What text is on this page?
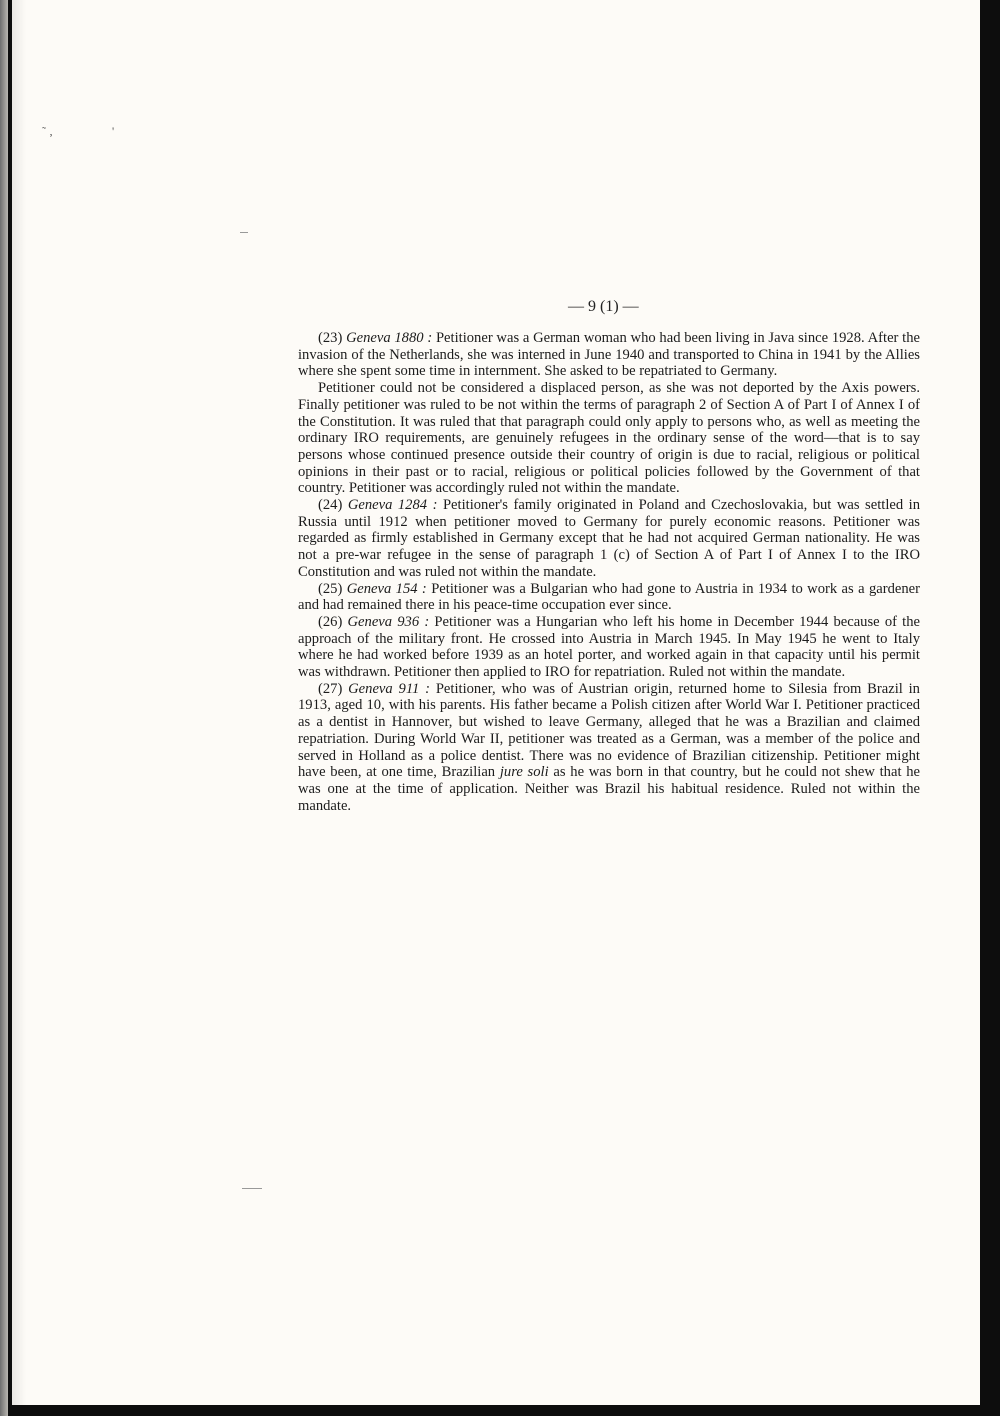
˜ ‚	'
— 9 (1) —

(23) Geneva 1880 : Petitioner was a German woman who had been living in Java since 1928. After the invasion of the Netherlands, she was interned in June 1940 and transported to China in 1941 by the Allies where she spent some time in internment. She asked to be repatriated to Germany.

Petitioner could not be considered a displaced person, as she was not deported by the Axis powers. Finally petitioner was ruled to be not within the terms of paragraph 2 of Section A of Part I of Annex I of the Constitution. It was ruled that that paragraph could only apply to persons who, as well as meeting the ordinary IRO requirements, are genuinely refugees in the ordinary sense of the word—that is to say persons whose continued presence outside their country of origin is due to racial, religious or political opinions in their past or to racial, religious or political policies followed by the Government of that country. Petitioner was accordingly ruled not within the mandate.

(24) Geneva 1284 : Petitioner's family originated in Poland and Czechoslovakia, but was settled in Russia until 1912 when petitioner moved to Germany for purely economic reasons. Petitioner was regarded as firmly established in Germany except that he had not acquired German nationality. He was not a pre-war refugee in the sense of paragraph 1 (c) of Section A of Part I of Annex I to the IRO Constitution and was ruled not within the mandate.

(25) Geneva 154 : Petitioner was a Bulgarian who had gone to Austria in 1934 to work as a gardener and had remained there in his peace-time occupation ever since.

(26) Geneva 936 : Petitioner was a Hungarian who left his home in December 1944 because of the approach of the military front. He crossed into Austria in March 1945. In May 1945 he went to Italy where he had worked before 1939 as an hotel porter, and worked again in that capacity until his permit was withdrawn. Petitioner then applied to IRO for repatriation. Ruled not within the mandate.

(27) Geneva 911 : Petitioner, who was of Austrian origin, returned home to Silesia from Brazil in 1913, aged 10, with his parents. His father became a Polish citizen after World War I. Petitioner practiced as a dentist in Hannover, but wished to leave Germany, alleged that he was a Brazilian and claimed repatriation. During World War II, petitioner was treated as a German, was a member of the police and served in Holland as a police dentist. There was no evidence of Brazilian citizenship. Petitioner might have been, at one time, Brazilian jure soli as he was born in that country, but he could not shew that he was one at the time of application. Neither was Brazil his habitual residence. Ruled not within the mandate.
